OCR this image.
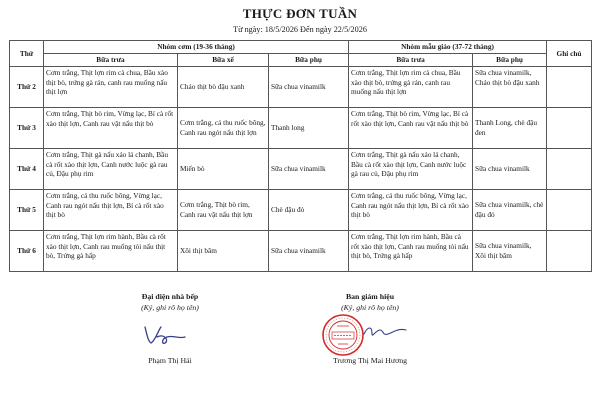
THỰC ĐƠN TUẦN
Từ ngày: 18/5/2026 Đến ngày 22/5/2026
Thứ	Nhóm cơm (19-36 tháng)			Nhóm mẫu giáo (37-72 tháng)		Ghi chú
	Bữa trưa	Bữa xế	Bữa phụ	Bữa trưa	Bữa phụ	
Thứ 2	Cơm trắng, Thịt lợn rim cà chua, Bầu xào thịt bò, trứng gà rán, canh rau muống nấu thịt lợn	Cháo thịt bò đậu xanh	Sữa chua vinamilk	Cơm trắng, Thịt lợn rim cà chua, Bầu xào thịt bò, trứng gà rán, canh rau muống nấu thịt lợn	Sữa chua vinamilk, Cháo thịt bò đậu xanh	
Thứ 3	Cơm trắng, Thịt bò rim, Vừng lạc, Bí cà rốt xào thịt lợn, Canh rau vặt nấu thịt bò	Cơm trắng, cá thu ruốc bông, Canh rau ngót nấu thịt lợn	Thanh long	Cơm trắng, Thịt bò rim, Vừng lạc, Bí cà rốt xào thịt lợn, Canh rau vặt nấu thịt bò	Thanh Long, chè đậu đen	
Thứ 4	Cơm trắng, Thịt gà nấu xáo lá chanh, Bầu cà rốt xào thịt lợn, Canh nước luộc gà rau củ, Đậu phụ rim	Miến bò	Sữa chua vinamilk	Cơm trắng, Thịt gà nấu xáo lá chanh, Bầu cà rốt xào thịt lợn, Canh nước luộc gà rau củ, Đậu phụ rim	Sữa chua vinamilk	
Thứ 5	Cơm trắng, cá thu ruốc bông, Vừng lạc, Canh rau ngót nấu thịt lợn, Bí cà rốt xào thịt bò	Cơm trắng, Thịt bò rim, Canh rau vặt nấu thịt lợn	Chè đậu đỏ	Cơm trắng, cá thu ruốc bông, Vừng lạc, Canh rau ngót nấu thịt lợn, Bí cà rốt xào thịt bò	Sữa chua vinamilk, chè đậu đỏ	
Thứ 6	Cơm trắng, Thịt lợn rim hành, Bầu cà rốt xào thịt lợn, Canh rau muống tỏi nấu thịt bò, Trứng gà hấp	Xôi thịt băm	Sữa chua vinamilk	Cơm trắng, Thịt lợn rim hành, Bầu cà rốt xào thịt lợn, Canh rau muống tỏi nấu thịt bò, Trứng gà hấp	Sữa chua vinamilk, Xôi thịt băm	
Đại diện nhà bếp
(Ký, ghi rõ họ tên)
Phạm Thị Hải
Ban giám hiệu
(Ký, ghi rõ họ tên)
Trương Thị Mai Hương
